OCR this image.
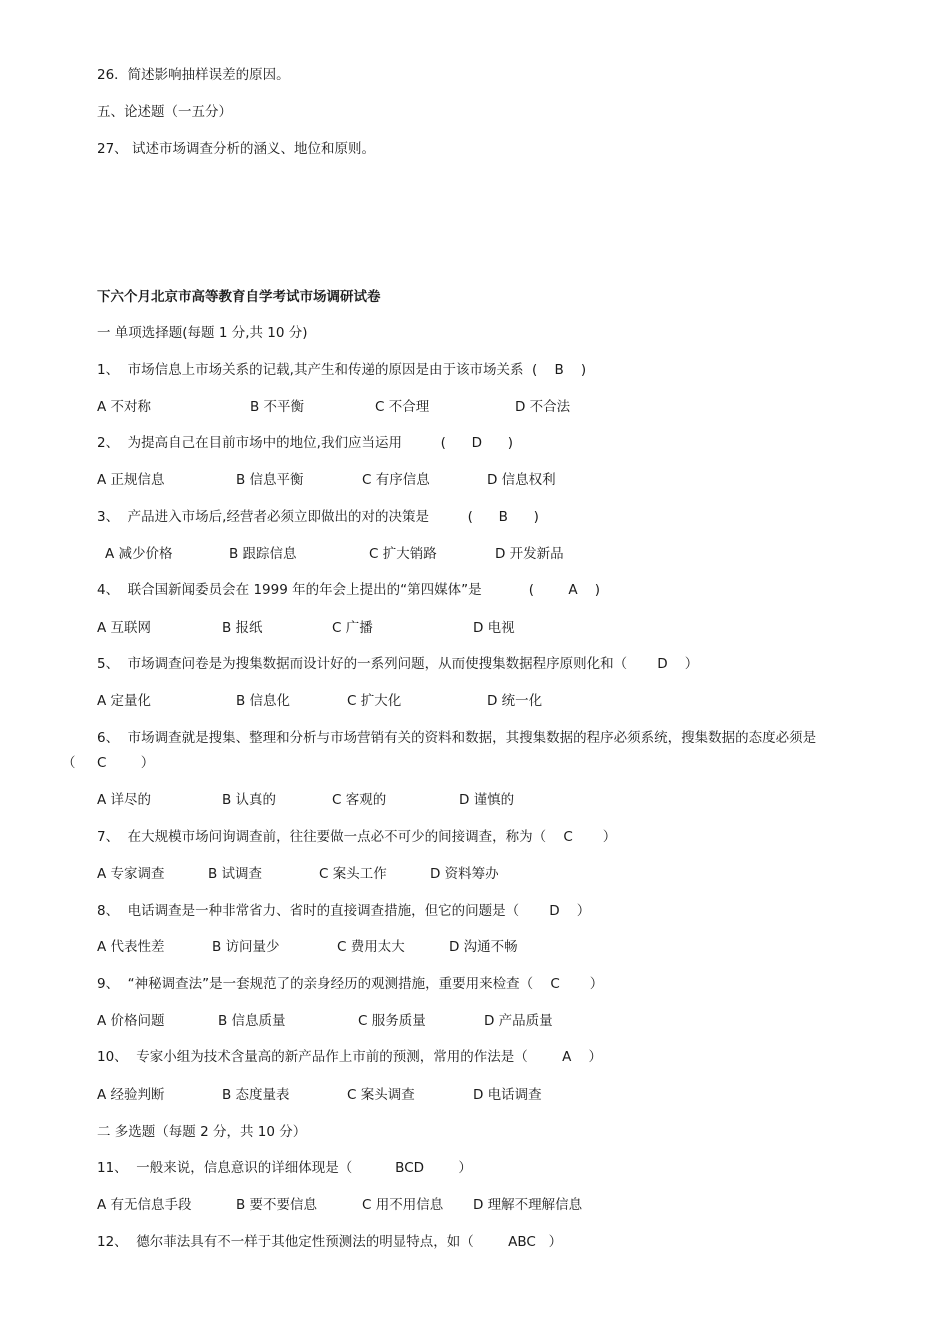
26．简述影响抽样误差的原因。
五、论述题（一五分）
27、 试述市场调查分析的涵义、地位和原则。
下六个月北京市高等教育自学考试市场调研试卷
一 单项选择题(每题 1 分,共 10 分)
1、  市场信息上市场关系的记载,其产生和传递的原因是由于该市场关系  (    B    )
A 不对称	B 不平衡	C 不合理	D 不合法
2、  为提高自己在目前市场中的地位,我们应当运用         (      D      )
A 正规信息	B 信息平衡	C 有序信息	D 信息权利
3、  产品进入市场后,经营者必须立即做出的对的决策是         (      B      )
A 减少价格	B 跟踪信息	C 扩大销路	D 开发新品
4、  联合国新闻委员会在 1999 年的年会上提出的“第四媒体”是           (        A    )
A 互联网	B 报纸	C 广播	D 电视
5、  市场调查问卷是为搜集数据而设计好的一系列问题，从而使搜集数据程序原则化和（       D    ）
A 定量化	B 信息化	C 扩大化	D 统一化
6、  市场调查就是搜集、整理和分析与市场营销有关的资料和数据，其搜集数据的程序必须系统，搜集数据的态度必须是
（     C        ）
A 详尽的	B 认真的	C 客观的	D 谨慎的
7、  在大规模市场问询调查前，往往要做一点必不可少的间接调查，称为（    C       ）
A 专家调查	B 试调查	C 案头工作	D 资料筹办
8、  电话调查是一种非常省力、省时的直接调查措施，但它的问题是（       D    ）
A 代表性差	B 访问量少	C 费用太大	D 沟通不畅
9、  “神秘调查法”是一套规范了的亲身经历的观测措施，重要用来检查（    C       ）
A 价格问题	B 信息质量	C 服务质量	D 产品质量
10、  专家小组为技术含量高的新产品作上市前的预测，常用的作法是（        A    ）
A 经验判断	B 态度量表	C 案头调查	D 电话调查
二 多选题（每题 2 分，共 10 分）
11、  一般来说，信息意识的详细体现是（          BCD        ）
A 有无信息手段	B 要不要信息	C 用不用信息 D 理解不理解信息
12、  德尔菲法具有不一样于其他定性预测法的明显特点，如（        ABC   ）
